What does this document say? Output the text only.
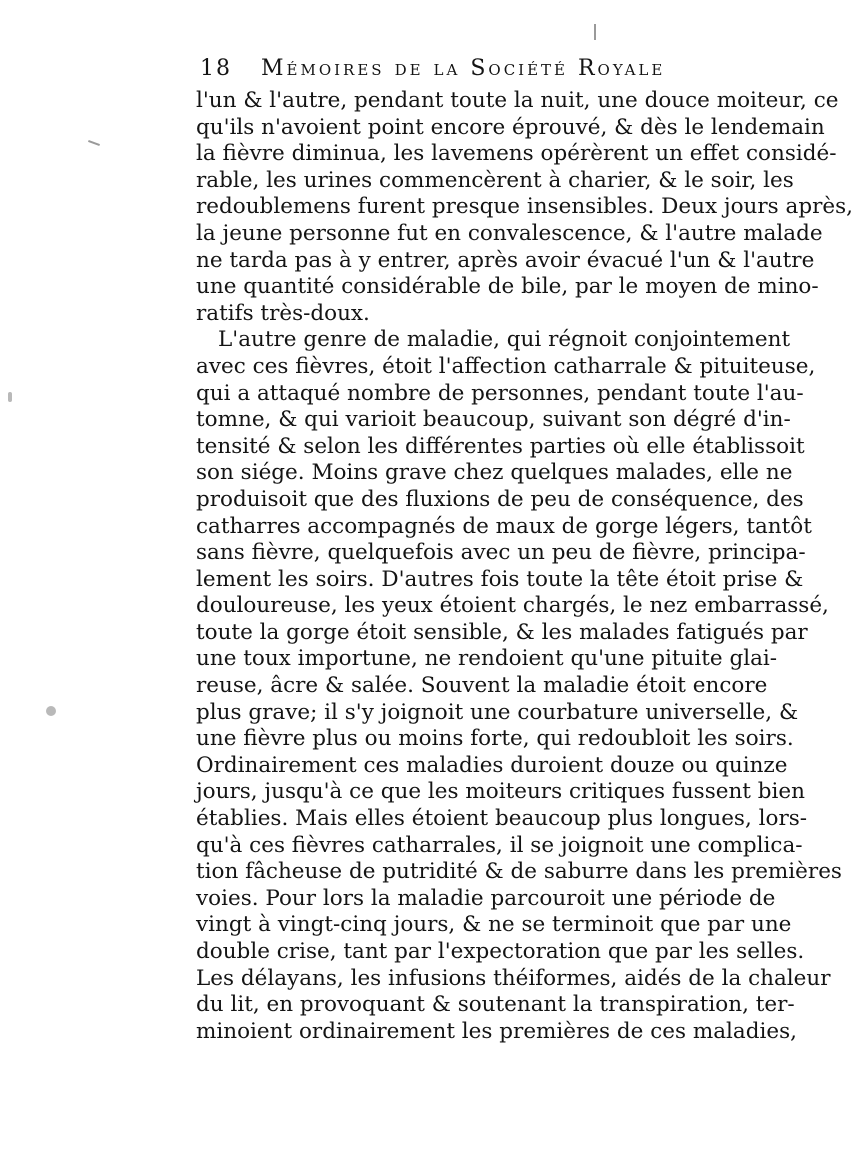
18 Mémoires de la Société Royale
l'un & l'autre, pendant toute la nuit, une douce moiteur, ce
qu'ils n'avoient point encore éprouvé, & dès le lendemain
la fièvre diminua, les lavemens opérèrent un effet considé-
rable, les urines commencèrent à charier, & le soir, les
redoublemens furent presque insensibles. Deux jours après,
la jeune personne fut en convalescence, & l'autre malade
ne tarda pas à y entrer, après avoir évacué l'un & l'autre
une quantité considérable de bile, par le moyen de mino-
ratifs très-doux.
L'autre genre de maladie, qui régnoit conjointement
avec ces fièvres, étoit l'affection catharrale & pituiteuse,
qui a attaqué nombre de personnes, pendant toute l'au-
tomne, & qui varioit beaucoup, suivant son dégré d'in-
tensité & selon les différentes parties où elle établissoit
son siége. Moins grave chez quelques malades, elle ne
produisoit que des fluxions de peu de conséquence, des
catharres accompagnés de maux de gorge légers, tantôt
sans fièvre, quelquefois avec un peu de fièvre, principa-
lement les soirs. D'autres fois toute la tête étoit prise &
douloureuse, les yeux étoient chargés, le nez embarrassé,
toute la gorge étoit sensible, & les malades fatigués par
une toux importune, ne rendoient qu'une pituite glai-
reuse, âcre & salée. Souvent la maladie étoit encore
plus grave; il s'y joignoit une courbature universelle, &
une fièvre plus ou moins forte, qui redoubloit les soirs.
Ordinairement ces maladies duroient douze ou quinze
jours, jusqu'à ce que les moiteurs critiques fussent bien
établies. Mais elles étoient beaucoup plus longues, lors-
qu'à ces fièvres catharrales, il se joignoit une complica-
tion fâcheuse de putridité & de saburre dans les premières
voies. Pour lors la maladie parcouroit une période de
vingt à vingt-cinq jours, & ne se terminoit que par une
double crise, tant par l'expectoration que par les selles.
Les délayans, les infusions théiformes, aidés de la chaleur
du lit, en provoquant & soutenant la transpiration, ter-
minoient ordinairement les premières de ces maladies,
